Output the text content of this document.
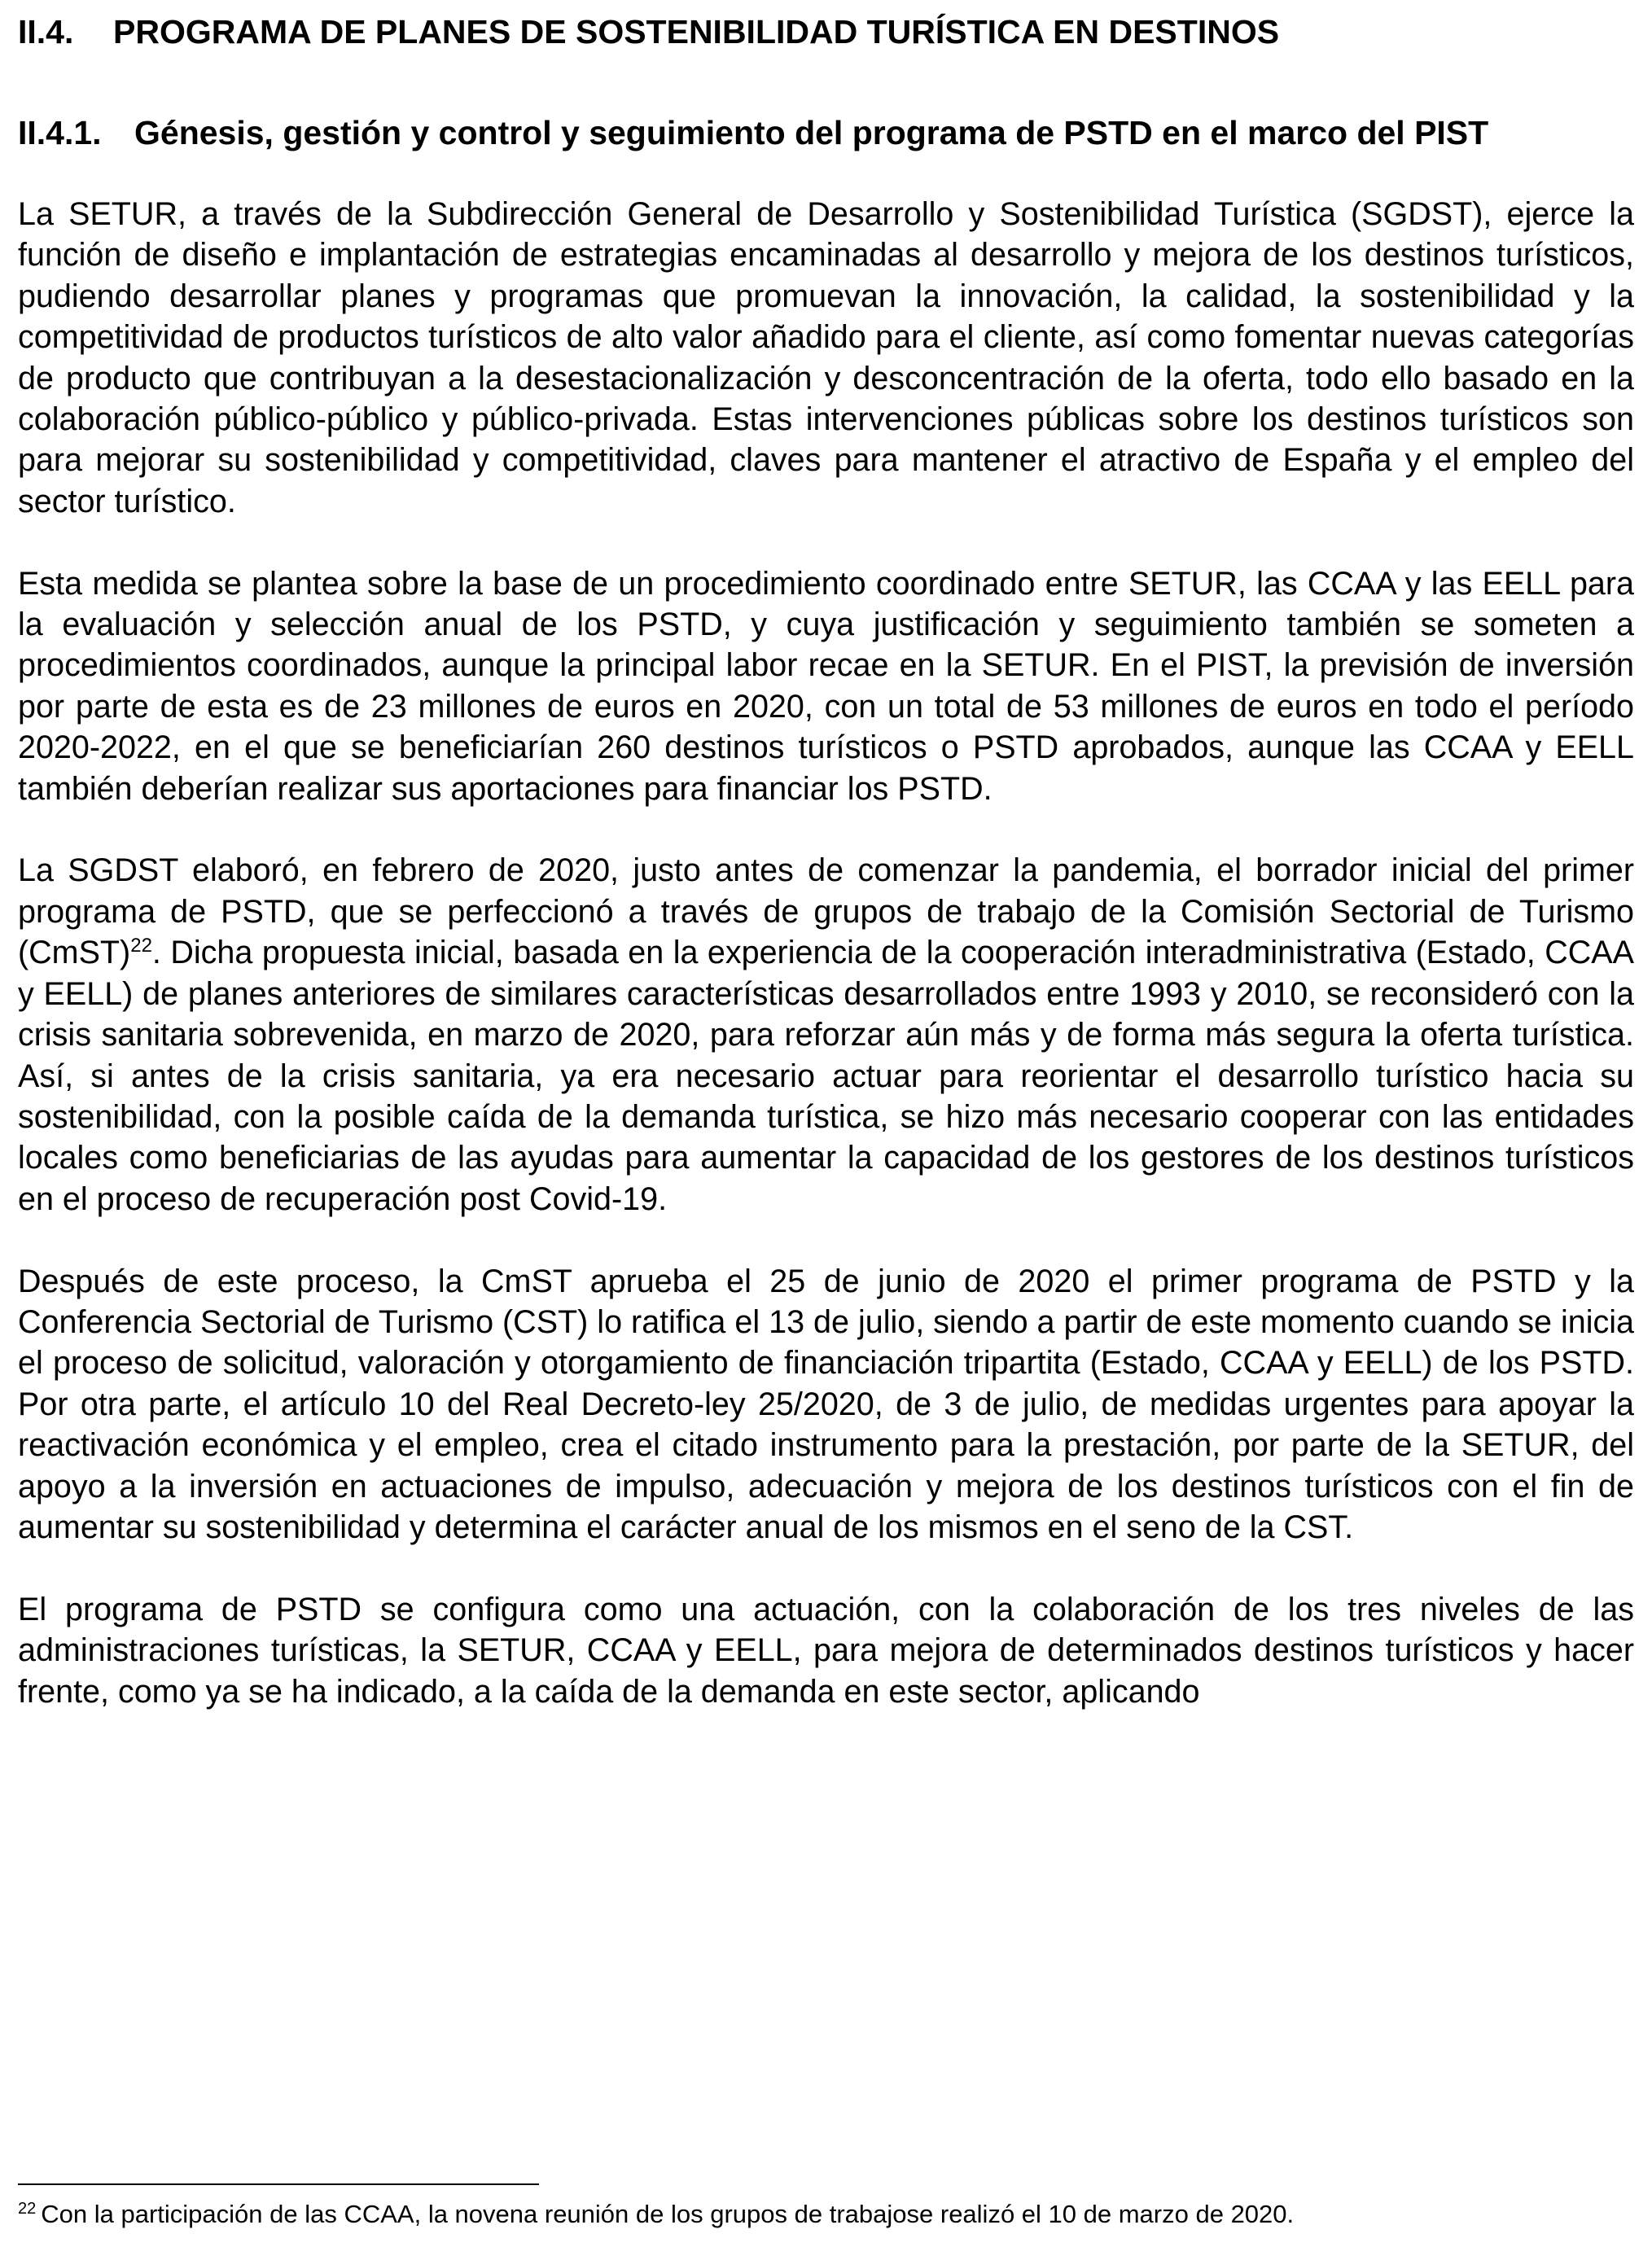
II.4. PROGRAMA DE PLANES DE SOSTENIBILIDAD TURÍSTICA EN DESTINOS
II.4.1. Génesis, gestión y control y seguimiento del programa de PSTD en el marco del PIST

La SETUR, a través de la Subdirección General de Desarrollo y Sostenibilidad Turística (SGDST), ejerce la función de diseño e implantación de estrategias encaminadas al desarrollo y mejora de los destinos turísticos, pudiendo desarrollar planes y programas que promuevan la innovación, la calidad, la sostenibilidad y la competitividad de productos turísticos de alto valor añadido para el cliente, así como fomentar nuevas categorías de producto que contribuyan a la desestacionalización y desconcentración de la oferta, todo ello basado en la colaboración público-público y público-privada. Estas intervenciones públicas sobre los destinos turísticos son para mejorar su sostenibilidad y competitividad, claves para mantener el atractivo de España y el empleo del sector turístico.

Esta medida se plantea sobre la base de un procedimiento coordinado entre SETUR, las CCAA y las EELL para la evaluación y selección anual de los PSTD, y cuya justificación y seguimiento también se someten a procedimientos coordinados, aunque la principal labor recae en la SETUR. En el PIST, la previsión de inversión por parte de esta es de 23 millones de euros en 2020, con un total de 53 millones de euros en todo el período 2020-2022, en el que se beneficiarían 260 destinos turísticos o PSTD aprobados, aunque las CCAA y EELL también deberían realizar sus aportaciones para financiar los PSTD.

La SGDST elaboró, en febrero de 2020, justo antes de comenzar la pandemia, el borrador inicial del primer programa de PSTD, que se perfeccionó a través de grupos de trabajo de la Comisión Sectorial de Turismo (CmST)$^{22}$. Dicha propuesta inicial, basada en la experiencia de la cooperación interadministrativa (Estado, CCAA y EELL) de planes anteriores de similares características desarrollados entre 1993 y 2010, se reconsideró con la crisis sanitaria sobrevenida, en marzo de 2020, para reforzar aún más y de forma más segura la oferta turística. Así, si antes de la crisis sanitaria, ya era necesario actuar para reorientar el desarrollo turístico hacia su sostenibilidad, con la posible caída de la demanda turística, se hizo más necesario cooperar con las entidades locales como beneficiarias de las ayudas para aumentar la capacidad de los gestores de los destinos turísticos en el proceso de recuperación post Covid-19.

Después de este proceso, la CmST aprueba el 25 de junio de 2020 el primer programa de PSTD y la Conferencia Sectorial de Turismo (CST) lo ratifica el 13 de julio, siendo a partir de este momento cuando se inicia el proceso de solicitud, valoración y otorgamiento de financiación tripartita (Estado, CCAA y EELL) de los PSTD. Por otra parte, el artículo 10 del Real Decreto-ley 25/2020, de 3 de julio, de medidas urgentes para apoyar la reactivación económica y el empleo, crea el citado instrumento para la prestación, por parte de la SETUR, del apoyo a la inversión en actuaciones de impulso, adecuación y mejora de los destinos turísticos con el fin de aumentar su sostenibilidad y determina el carácter anual de los mismos en el seno de la CST.

El programa de PSTD se configura como una actuación, con la colaboración de los tres niveles de las administraciones turísticas, la SETUR, CCAA y EELL, para mejora de determinados destinos turísticos y hacer frente, como ya se ha indicado, a la caída de la demanda en este sector, aplicando

$^{22}$ Con la participación de las CCAA, la novena reunión de los grupos de trabajose realizó el 10 de marzo de 2020.
